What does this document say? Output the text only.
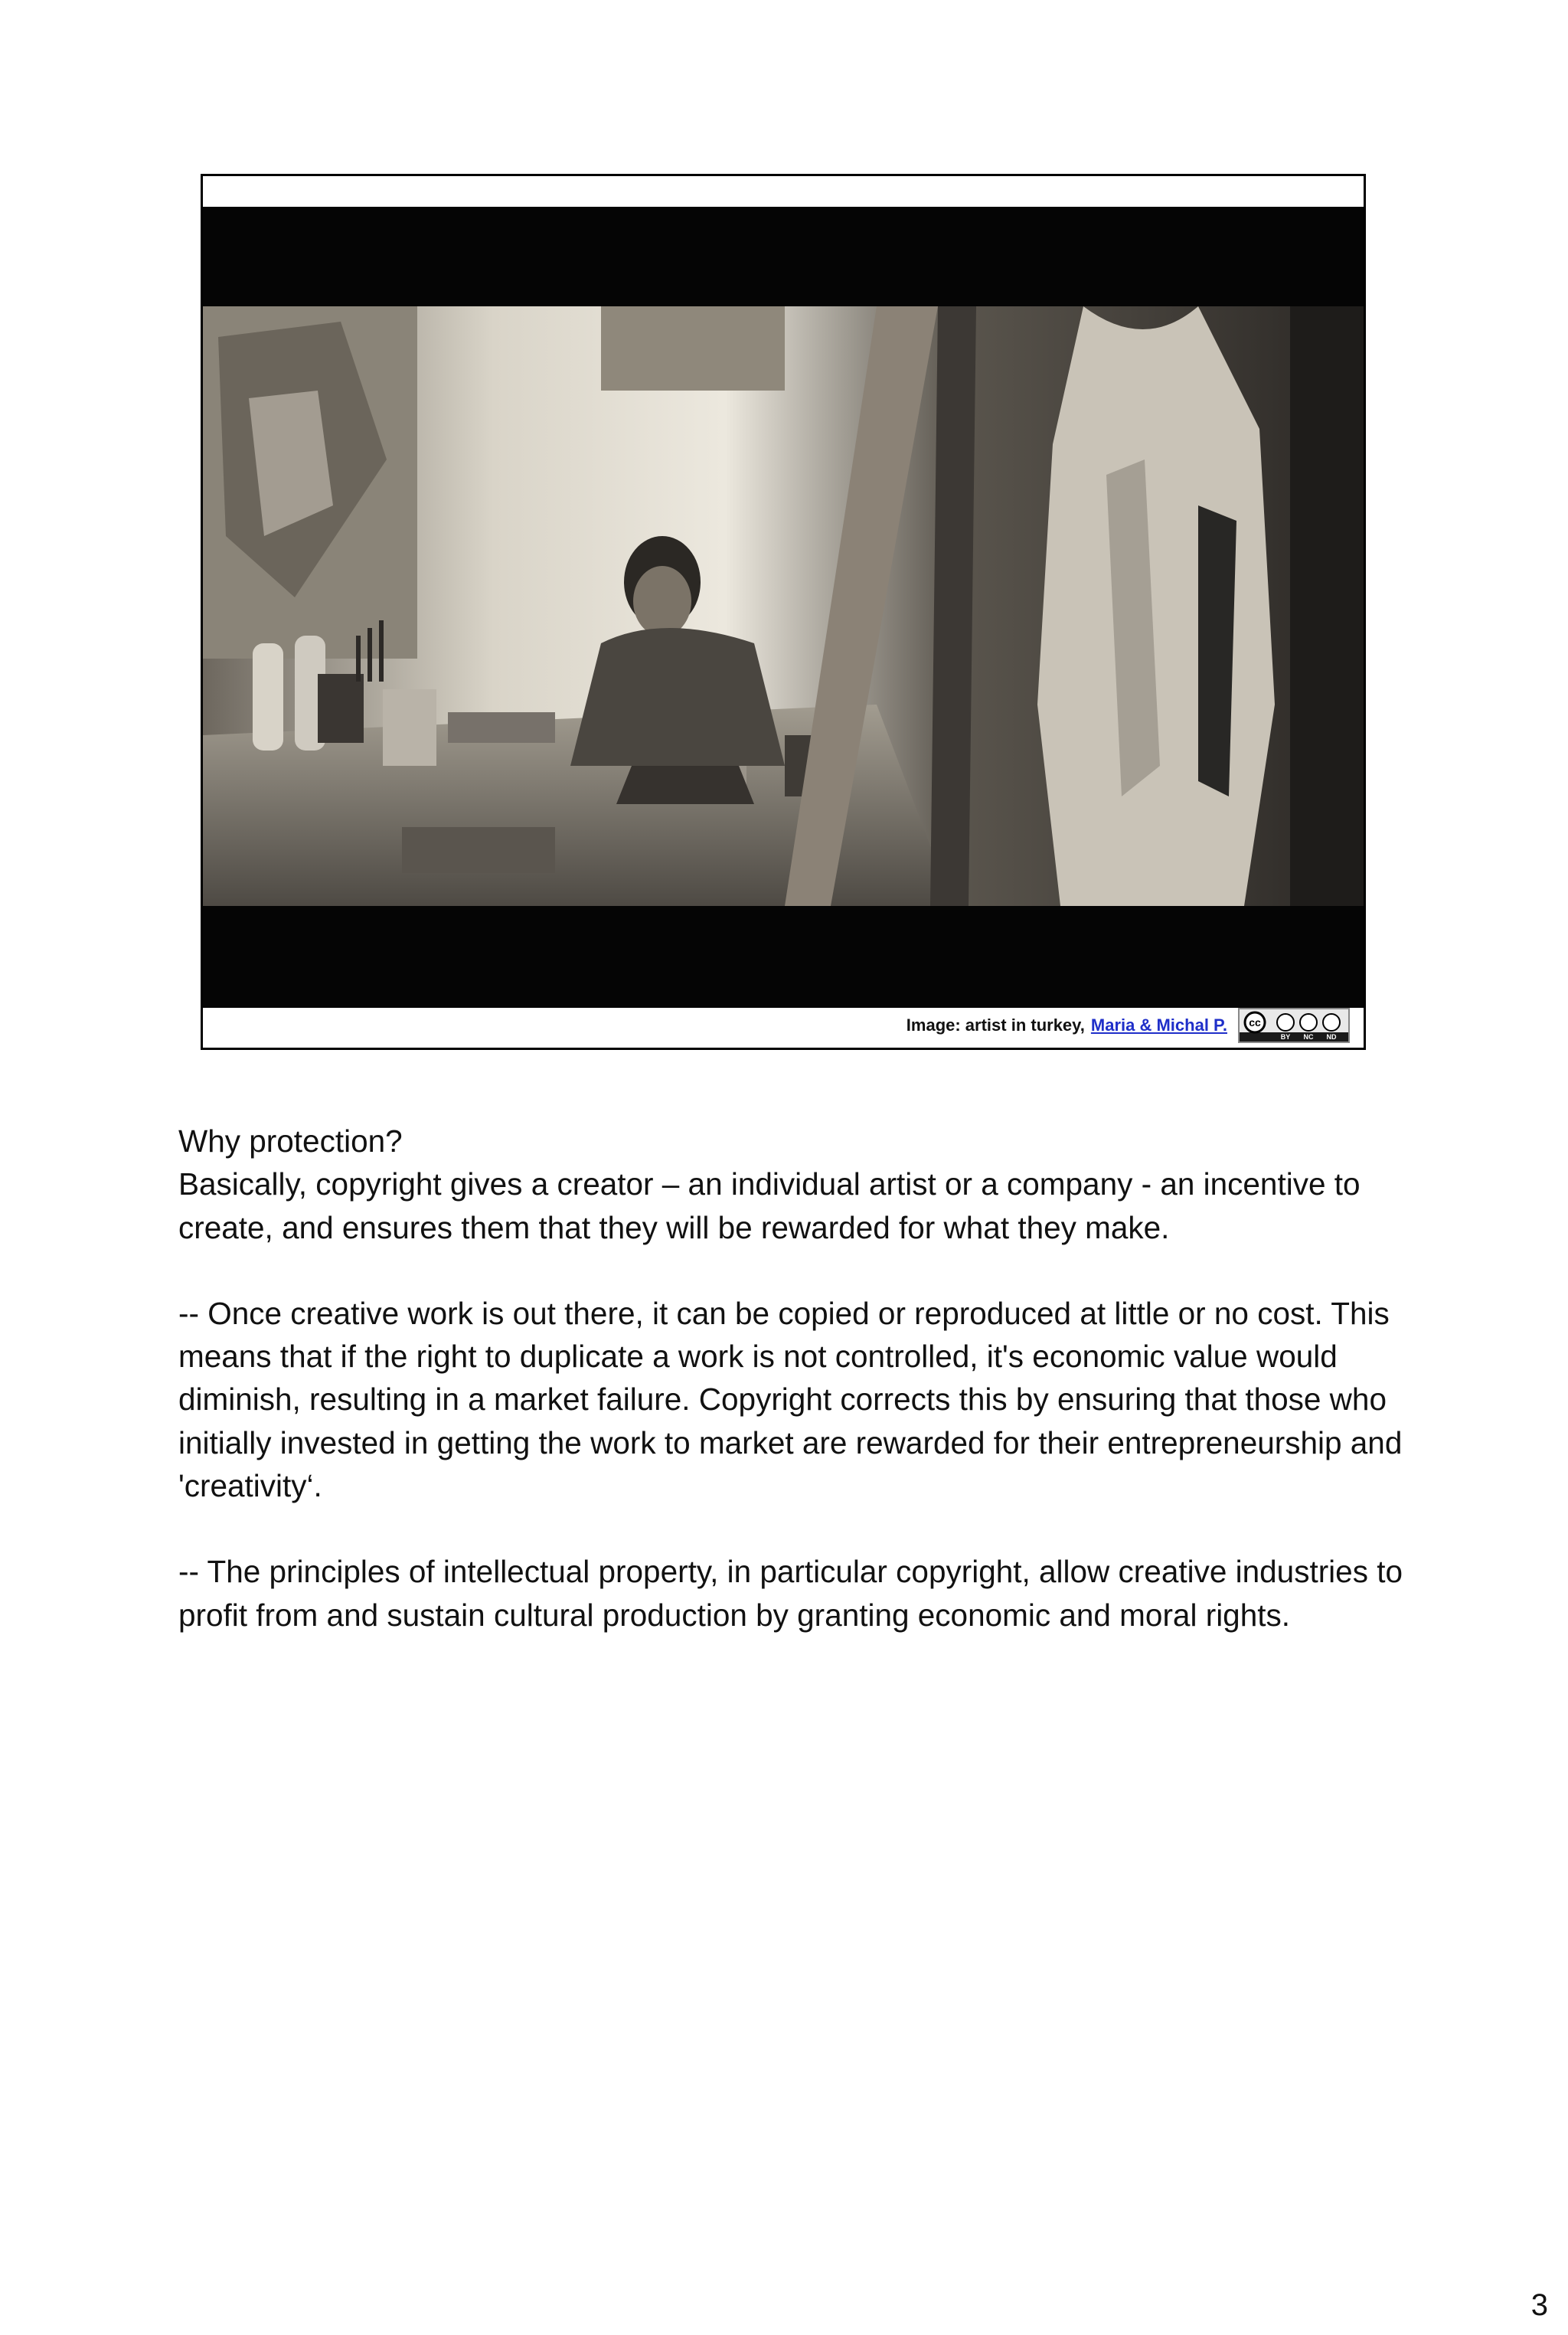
Image: artist in turkey, Maria & Michal P. cc
BY NC ND

Why protection?

Basically, copyright gives a creator – an individual artist or a company - an incentive to create, and ensures them that they will be rewarded for what they make.

-- Once creative work is out there, it can be copied or reproduced at little or no cost. This means that if the right to duplicate a work is not controlled, it's economic value would diminish, resulting in a market failure. Copyright corrects this by ensuring that those who initially invested in getting the work to market are rewarded for their entrepreneurship and 'creativity‘.

-- The principles of intellectual property, in particular copyright, allow creative industries to profit from and sustain cultural production by granting economic and moral rights.

3
